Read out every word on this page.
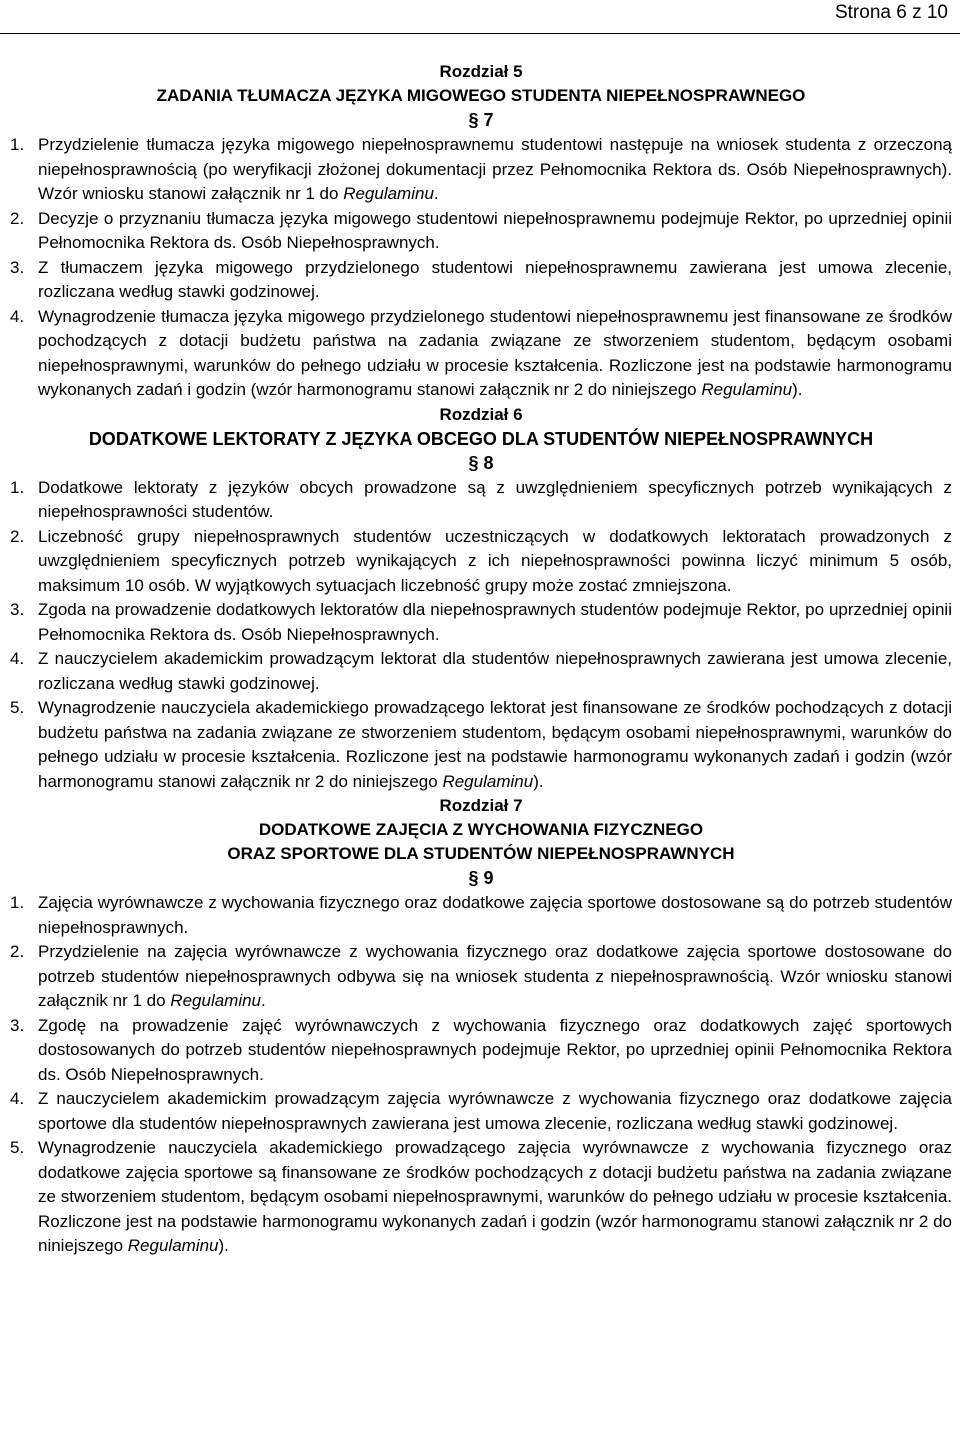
Strona 6 z 10
Rozdział 5
ZADANIA TŁUMACZA JĘZYKA MIGOWEGO STUDENTA NIEPEŁNOSPRAWNEGO
§ 7
1. Przydzielenie tłumacza języka migowego niepełnosprawnemu studentowi następuje na wniosek studenta z orzeczoną niepełnosprawnością (po weryfikacji złożonej dokumentacji przez Pełnomocnika Rektora ds. Osób Niepełnosprawnych). Wzór wniosku stanowi załącznik nr 1 do Regulaminu.
2. Decyzje o przyznaniu tłumacza języka migowego studentowi niepełnosprawnemu podejmuje Rektor, po uprzedniej opinii Pełnomocnika Rektora ds. Osób Niepełnosprawnych.
3. Z tłumaczem języka migowego przydzielonego studentowi niepełnosprawnemu zawierana jest umowa zlecenie, rozliczana według stawki godzinowej.
4. Wynagrodzenie tłumacza języka migowego przydzielonego studentowi niepełnosprawnemu jest finansowane ze środków pochodzących z dotacji budżetu państwa na zadania związane ze stworzeniem studentom, będącym osobami niepełnosprawnymi, warunków do pełnego udziału w procesie kształcenia. Rozliczone jest na podstawie harmonogramu wykonanych zadań i godzin (wzór harmonogramu stanowi załącznik nr 2 do niniejszego Regulaminu).
Rozdział 6
DODATKOWE LEKTORATY Z JĘZYKA OBCEGO DLA STUDENTÓW NIEPEŁNOSPRAWNYCH
§ 8
1. Dodatkowe lektoraty z języków obcych prowadzone są z uwzględnieniem specyficznych potrzeb wynikających z niepełnosprawności studentów.
2. Liczebność grupy niepełnosprawnych studentów uczestniczących w dodatkowych lektoratach prowadzonych z uwzględnieniem specyficznych potrzeb wynikających z ich niepełnosprawności powinna liczyć minimum 5 osób, maksimum 10 osób. W wyjątkowych sytuacjach liczebność grupy może zostać zmniejszona.
3. Zgoda na prowadzenie dodatkowych lektoratów dla niepełnosprawnych studentów podejmuje Rektor, po uprzedniej opinii Pełnomocnika Rektora ds. Osób Niepełnosprawnych.
4. Z nauczycielem akademickim prowadzącym lektorat dla studentów niepełnosprawnych zawierana jest umowa zlecenie, rozliczana według stawki godzinowej.
5. Wynagrodzenie nauczyciela akademickiego prowadzącego lektorat jest finansowane ze środków pochodzących z dotacji budżetu państwa na zadania związane ze stworzeniem studentom, będącym osobami niepełnosprawnymi, warunków do pełnego udziału w procesie kształcenia. Rozliczone jest na podstawie harmonogramu wykonanych zadań i godzin (wzór harmonogramu stanowi załącznik nr 2 do niniejszego Regulaminu).
Rozdział 7
DODATKOWE ZAJĘCIA Z WYCHOWANIA FIZYCZNEGO
ORAZ SPORTOWE DLA STUDENTÓW NIEPEŁNOSPRAWNYCH
§ 9
1. Zajęcia wyrównawcze z wychowania fizycznego oraz dodatkowe zajęcia sportowe dostosowane są do potrzeb studentów niepełnosprawnych.
2. Przydzielenie na zajęcia wyrównawcze z wychowania fizycznego oraz dodatkowe zajęcia sportowe dostosowane do potrzeb studentów niepełnosprawnych odbywa się na wniosek studenta z niepełnosprawnością. Wzór wniosku stanowi załącznik nr 1 do Regulaminu.
3. Zgodę na prowadzenie zajęć wyrównawczych z wychowania fizycznego oraz dodatkowych zajęć sportowych dostosowanych do potrzeb studentów niepełnosprawnych podejmuje Rektor, po uprzedniej opinii Pełnomocnika Rektora ds. Osób Niepełnosprawnych.
4. Z nauczycielem akademickim prowadzącym zajęcia wyrównawcze z wychowania fizycznego oraz dodatkowe zajęcia sportowe dla studentów niepełnosprawnych zawierana jest umowa zlecenie, rozliczana według stawki godzinowej.
5. Wynagrodzenie nauczyciela akademickiego prowadzącego zajęcia wyrównawcze z wychowania fizycznego oraz dodatkowe zajęcia sportowe są finansowane ze środków pochodzących z dotacji budżetu państwa na zadania związane ze stworzeniem studentom, będącym osobami niepełnosprawnymi, warunków do pełnego udziału w procesie kształcenia. Rozliczone jest na podstawie harmonogramu wykonanych zadań i godzin (wzór harmonogramu stanowi załącznik nr 2 do niniejszego Regulaminu).
